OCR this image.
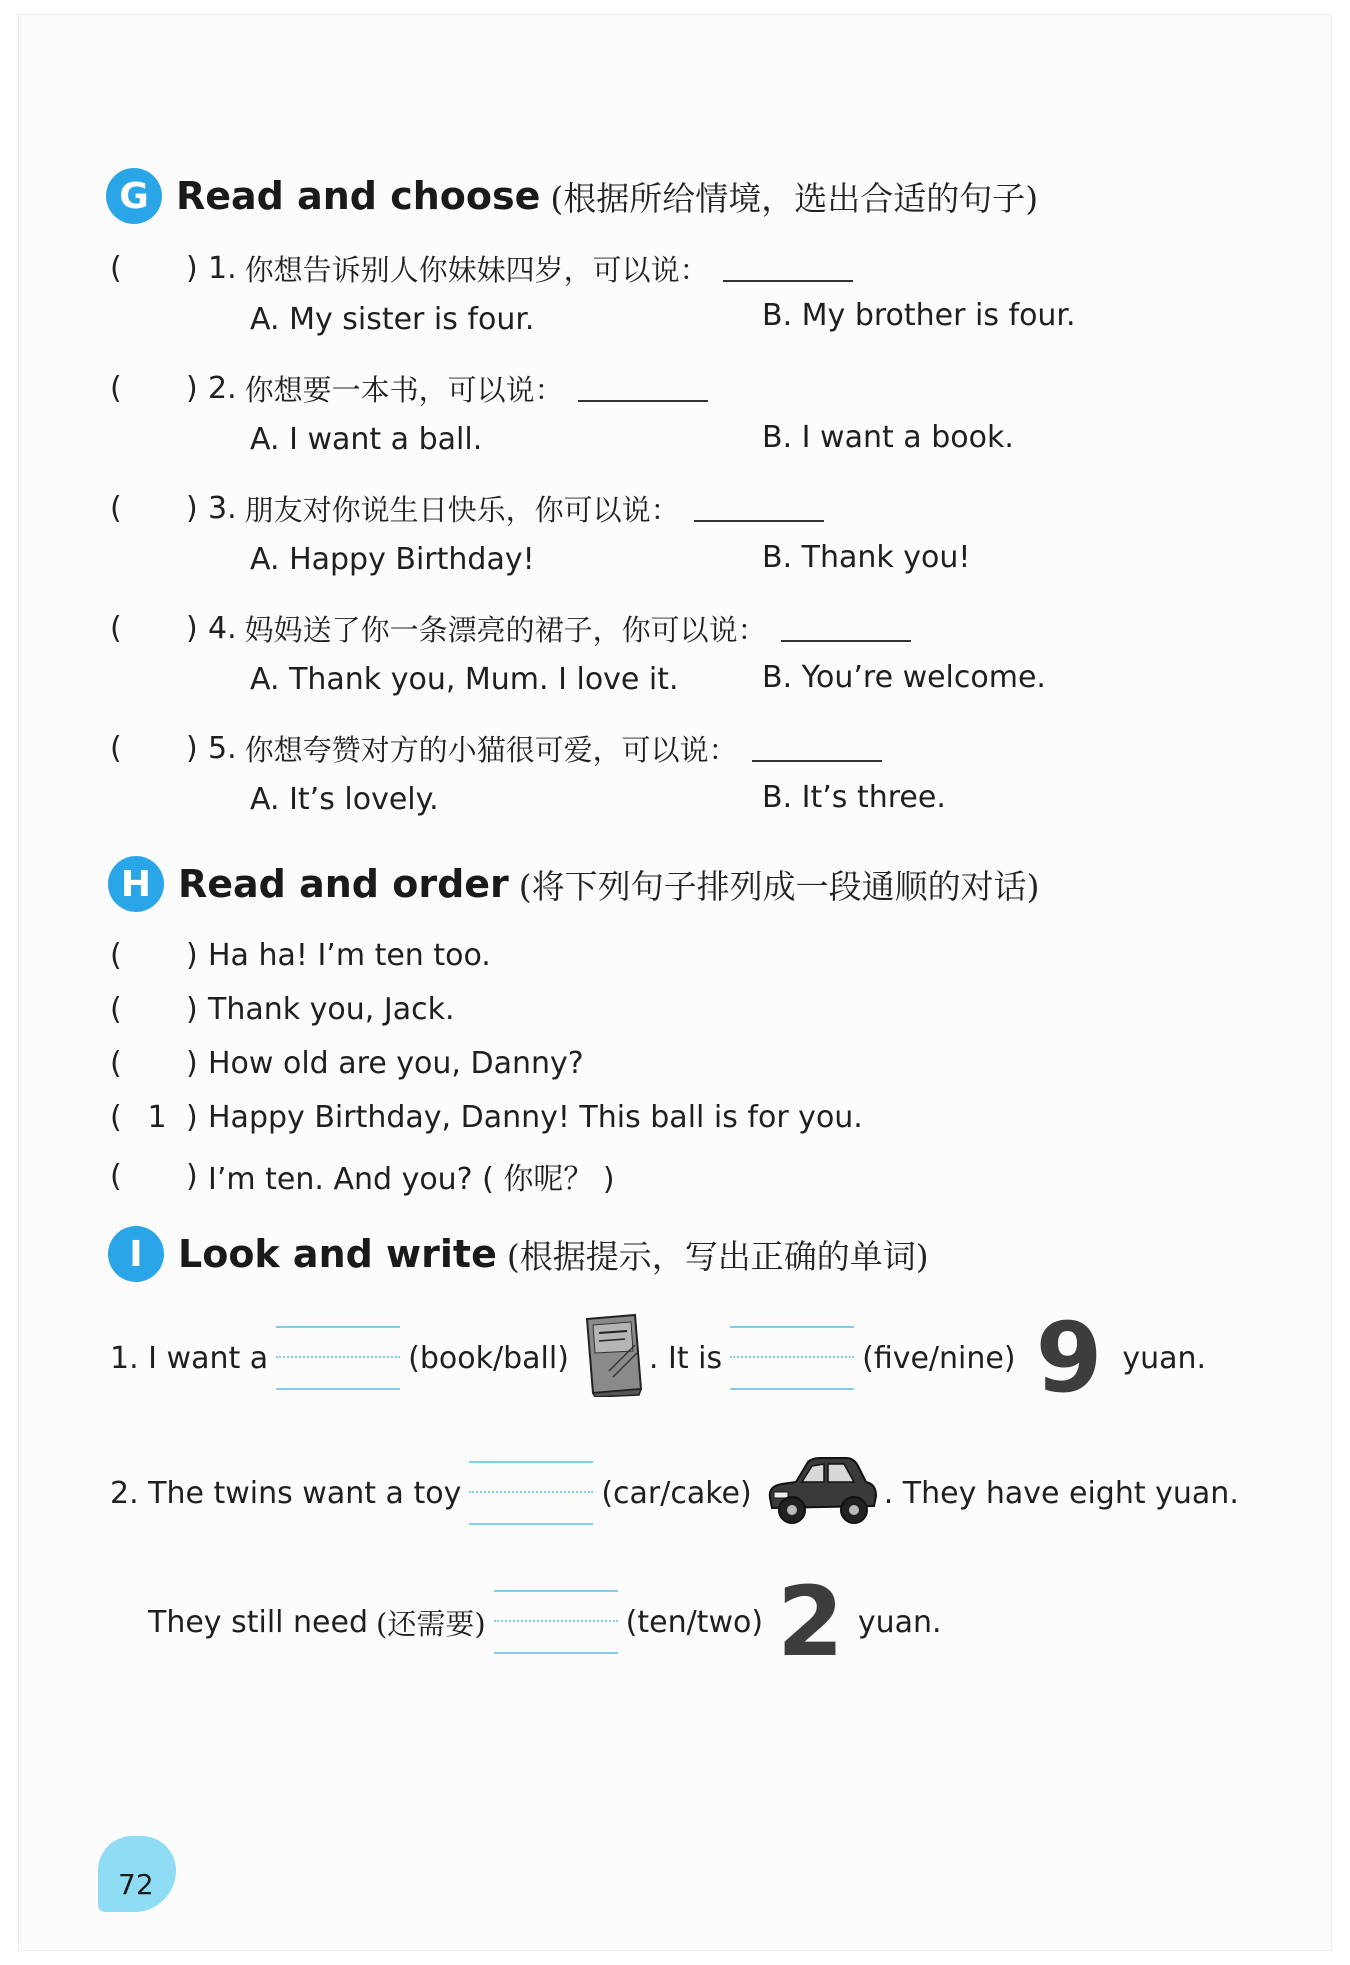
G Read and choose (根据所给情境，选出合适的句子)
( ) 1. 你想告诉别人你妹妹四岁，可以说：
A. My sister is four.	B. My brother is four.
( ) 2. 你想要一本书，可以说：
A. I want a ball.	B. I want a book.
( ) 3. 朋友对你说生日快乐，你可以说：
A. Happy Birthday!	B. Thank you!
( ) 4. 妈妈送了你一条漂亮的裙子，你可以说：
A. Thank you, Mum. I love it.	B. You’re welcome.
( ) 5. 你想夸赞对方的小猫很可爱，可以说：
A. It’s lovely.	B. It’s three.
H Read and order (将下列句子排列成一段通顺的对话)
( ) Ha ha! I’m ten too.
( ) Thank you, Jack.
( ) How old are you, Danny?
( 1 ) Happy Birthday, Danny! This ball is for you.
( ) I’m ten. And you? ( 你呢？ )
I Look and write (根据提示，写出正确的单词)
1. I want a	(book/ball)	. It is	(five/nine) 9 yuan.
2. The twins want a toy	(car/cake)	. They have eight yuan.
They still need (还需要)	(ten/two) 2 yuan.
72
